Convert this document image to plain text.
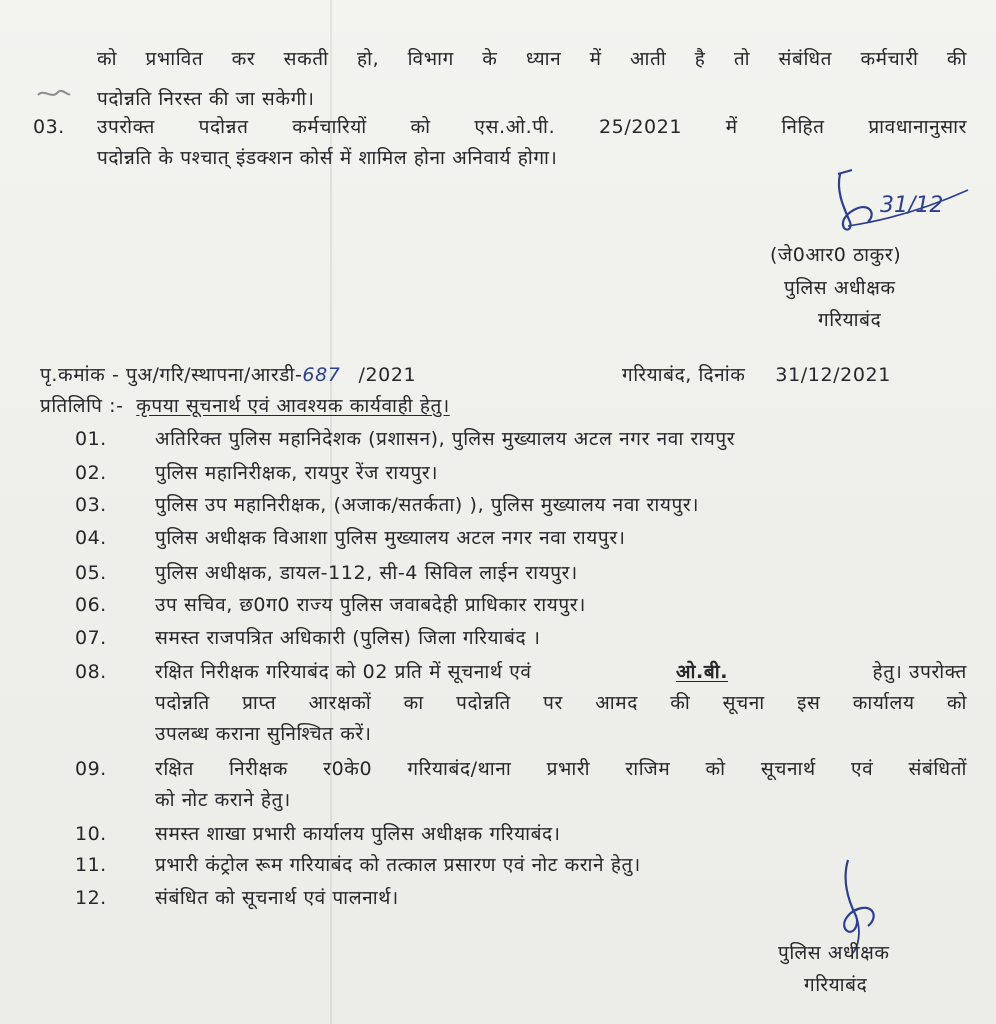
को प्रभावित कर सकती हो, विभाग के ध्यान में आती है तो संबंधित कर्मचारी की
पदोन्नति निरस्त की जा सकेगी।
03. उपरोक्त पदोन्नत कर्मचारियों को एस.ओ.पी. 25/2021 में निहित प्रावधानानुसार
पदोन्नति के पश्चात् इंडक्शन कोर्स में शामिल होना अनिवार्य होगा।
31/12
(जे0आर0 ठाकुर)
पुलिस अधीक्षक
गरियाबंद
पृ.कमांक - पुअ/गरि/स्थापना/आरडी-687 /2021	गरियाबंद, दिनांक 31/12/2021
प्रतिलिपि :- कृपया सूचनार्थ एवं आवश्यक कार्यवाही हेतु।
01.	अतिरिक्त पुलिस महानिदेशक (प्रशासन), पुलिस मुख्यालय अटल नगर नवा रायपुर
02.	पुलिस महानिरीक्षक, रायपुर रेंज रायपुर।
03.	पुलिस उप महानिरीक्षक, (अजाक/सतर्कता) ), पुलिस मुख्यालय नवा रायपुर।
04.	पुलिस अधीक्षक विआशा पुलिस मुख्यालय अटल नगर नवा रायपुर।
05.	पुलिस अधीक्षक, डायल-112, सी-4 सिविल लाईन रायपुर।
06.	उप सचिव, छ0ग0 राज्य पुलिस जवाबदेही प्राधिकार रायपुर।
07.	समस्त राजपत्रित अधिकारी (पुलिस) जिला गरियाबंद ।
08.	रक्षित निरीक्षक गरियाबंद को 02 प्रति में सूचनार्थ एवं	ओ.बी.	हेतु। उपरोक्त
पदोन्नति प्राप्त आरक्षकों का पदोन्नति पर आमद की सूचना इस कार्यालय को
उपलब्ध कराना सुनिश्चित करें।
09.	रक्षित निरीक्षक र0के0 गरियाबंद/थाना प्रभारी राजिम को सूचनार्थ एवं संबंधितों
को नोट कराने हेतु।
10.	समस्त शाखा प्रभारी कार्यालय पुलिस अधीक्षक गरियाबंद।
11.	प्रभारी कंट्रोल रूम गरियाबंद को तत्काल प्रसारण एवं नोट कराने हेतु।
12.	संबंधित को सूचनार्थ एवं पालनार्थ।
पुलिस अधीक्षक
गरियाबंद
